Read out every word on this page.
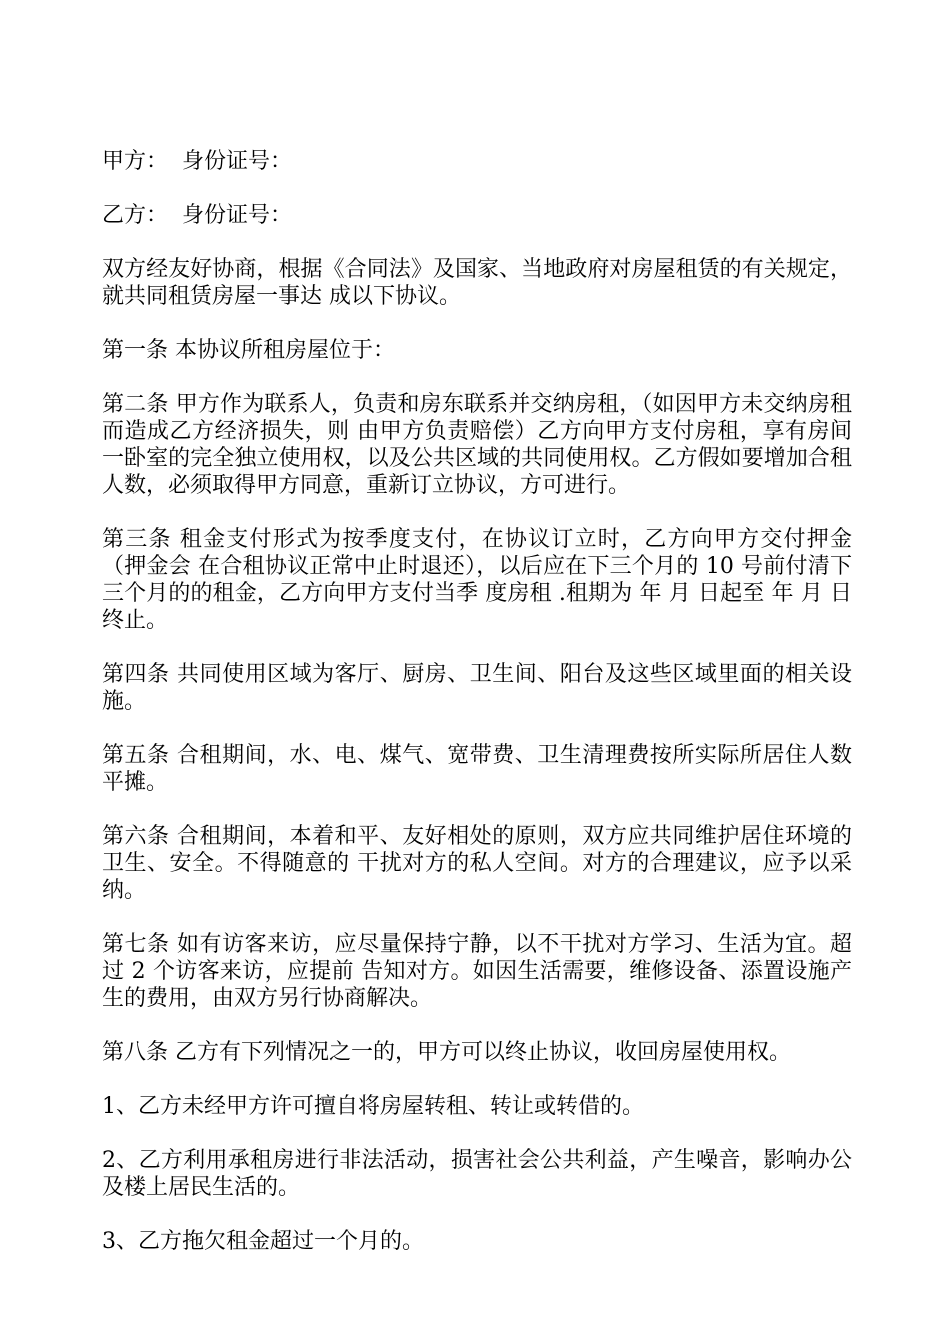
甲方：  身份证号：

乙方：  身份证号：

双方经友好协商，根据《合同法》及国家、当地政府对房屋租赁的有关规定，就共同租赁房屋一事达 成以下协议。

第一条 本协议所租房屋位于：

第二条 甲方作为联系人，负责和房东联系并交纳房租，（如因甲方未交纳房租而造成乙方经济损失，则 由甲方负责赔偿）乙方向甲方支付房租，享有房间一卧室的完全独立使用权，以及公共区域的共同使用权。乙方假如要增加合租人数，必须取得甲方同意，重新订立协议，方可进行。

第三条 租金支付形式为按季度支付，在协议订立时，乙方向甲方交付押金 （押金会 在合租协议正常中止时退还），以后应在下三个月的 10 号前付清下三个月的的租金，乙方向甲方支付当季 度房租 .租期为 年 月 日起至 年 月 日终止。

第四条 共同使用区域为客厅、厨房、卫生间、阳台及这些区域里面的相关设施。

第五条 合租期间，水、电、煤气、宽带费、卫生清理费按所实际所居住人数平摊。

第六条 合租期间，本着和平、友好相处的原则，双方应共同维护居住环境的卫生、安全。不得随意的 干扰对方的私人空间。对方的合理建议，应予以采纳。

第七条 如有访客来访，应尽量保持宁静，以不干扰对方学习、生活为宜。超过 2 个访客来访，应提前 告知对方。如因生活需要，维修设备、添置设施产生的费用，由双方另行协商解决。

第八条 乙方有下列情况之一的，甲方可以终止协议，收回房屋使用权。

1、乙方未经甲方许可擅自将房屋转租、转让或转借的。

2、乙方利用承租房进行非法活动，损害社会公共利益，产生噪音，影响办公及楼上居民生活的。

3、乙方拖欠租金超过一个月的。
